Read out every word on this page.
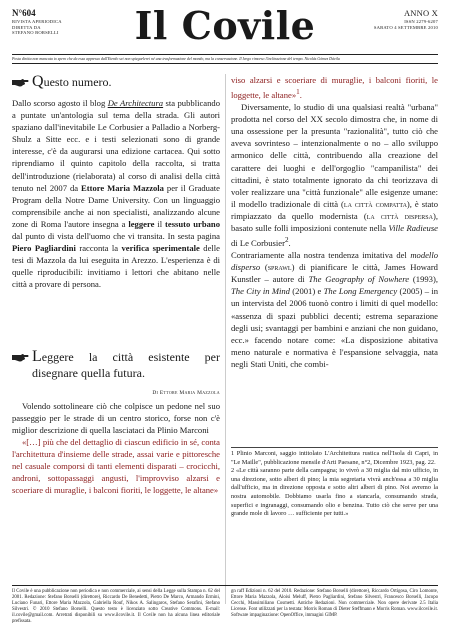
N°604
RIVISTA APERIODICA
DIRETTA DA
STEFANO BORSELLI	Il Covile	ANNO X
ISSN 2279-6207
SABATO 4 SETTEMBRE 2010
Posta diritta non mancata io spero che da essa appresso dall'Eterdo sei non spiegarlerei né una trasformazione del mondo, ma la conservazione. Il Ivego rimorso l'inclinazione del tempo. Nicolás Gómez Dávila
Questo numero.

Dallo scorso agosto il blog De Architectura sta pubblicando a puntate un'antologia sul tema della strada. Gli autori spaziano dall'inevitabile Le Corbusier a Palladio a Norberg-Shulz a Sitte ecc. e i testi selezionati sono di grande interesse, c'è da augurarsi una edizione cartacea. Qui sotto riprendiamo il quinto capitolo della raccolta, si tratta dell'introduzione (rielaborata) al corso di analisi della città tenuto nel 2007 da Ettore Maria Mazzola per il Graduate Program della Notre Dame University. Con un linguaggio comprensibile anche ai non specialisti, analizzando alcune zone di Roma l'autore insegna a leggere il tessuto urbano dal punto di vista dell'uomo che vi transita. In sesta pagina Piero Pagliardini racconta la verifica sperimentale delle tesi di Mazzola da lui eseguita in Arezzo. L'esperienza è di quelle riproducibili: invitiamo i lettori che abitano nelle città a provare di persona.

Leggere la città esistente per disegnare quella futura.
Di Ettore Maria Mazzola

Volendo sottolineare ciò che colpisce un pedone nel suo passeggio per le strade di un centro storico, forse non c'è miglior descrizione di quella lasciataci da Plinio Marconi

«[…] più che del dettaglio di ciascun edificio in sé, conta l'architettura d'insieme delle strade, assai varie e pittoresche nel casuale comporsi di tanti elementi disparati – crocicchi, androni, sottopassaggi angusti, l'improvviso alzarsi e scoeriare di muraglie, i balconi fioriti, le loggette, le altane»

viso alzarsi e scoeriare di muraglie, i balconi fioriti, le loggette, le altane»$^1$.

Diversamente, lo studio di una qualsiasi realtà "urbana" prodotta nel corso del XX secolo dimostra che, in nome di una ossessione per la presunta "razionalità", tutto ciò che aveva sovrinteso – intenzionalmente o no – allo sviluppo armonico delle città, contribuendo alla creazione del carattere dei luoghi e dell'orgoglio "campanilista" dei cittadini, è stato totalmente ignorato da chi teorizzava di voler realizzare una "città funzionale" alle esigenze umane: il modello tradizionale di città (la città compatta), è stato rimpiazzato da quello modernista (la città dispersa), basato sulle folli imposizioni contenute nella Ville Radieuse di Le Corbusier$^2$.

Contrariamente alla nostra tendenza imitativa del modello disperso (sprawl) di pianificare le città, James Howard Kunstler – autore di The Geography of Nowhere (1993), The City in Mind (2001) e The Long Emergency (2005) – in un intervista del 2006 tuonò contro i limiti di quel modello: «assenza di spazi pubblici decenti; estrema separazione degli usi; svantaggi per bambini e anziani che non guidano, ecc.» facendo notare come: «La disposizione abitativa meno naturale e normativa è l'espansione selvaggia, nata negli Stati Uniti, che combi-

1 Plinio Marconi, saggio intitolato L'Architettura rustica nell'Isola di Capri, in "Le Maille", pubblicazione mensile d'Arti Paesane, n°2, Dicembre 1923, pag. 22.

2 «Le città saranno parte della campagna; io vivrò a 30 miglia dal mio ufficio, in una direzione, sotto alberi di pino; la mia segretaria vivrà anch'essa a 30 miglia dall'ufficio, ma in direzione opposta e sotto altri alberi di pino. Noi avremo la nostra automobile. Dobbiamo usarla fino a stancarla, consumando strada, superfici e ingranaggi, consumando olio e benzina. Tutto ciò che serve per una grande mole di lavoro … sufficiente per tutti.»

Il Covile è una pubblicazione non periodica e non commerciale, ai sensi della Legge sulla Stampa n. 62 del 2001. Redazione: Stefano Borselli (direttore), Riccardo De Benedetti, Pietro De Marco, Armando Ermini, Luciano Funari, Ettore Maria Mazzola, Gabriella Rouf, Nikos A. Salingaros, Stefano Serafini, Stefano Silvestri. © 2010 Stefano Borselli. Questo testo è licenziato sotto Creative Commons. E-mail: il.covile@gmail.com. Arretrati disponibili su www.ilcovile.it. Il Covile non ha alcuna linea editoriale prefissata.
gn raff Edizioni n. 62 del 2010. Redazione: Stefano Borselli (direttore), Riccardo Ortigosa, Ciro Lomonte, Ettore Maria Mazzola, Aloisi Meluff, Pietro Pagliardini, Stefano Silvestri, Francesco Borselli, Jacopo Cecchi, Massimiliano Cosmetti. Antiche Redazioni. Non commerciale. Non opere derivate 2.5 Italia License. Font utilizzati per la testata: Morris Roman di Dieter Steffmann e Morris Roman. www.ilcovile.it. Software impaginazione: OpenOffice, immagini GIMP.
